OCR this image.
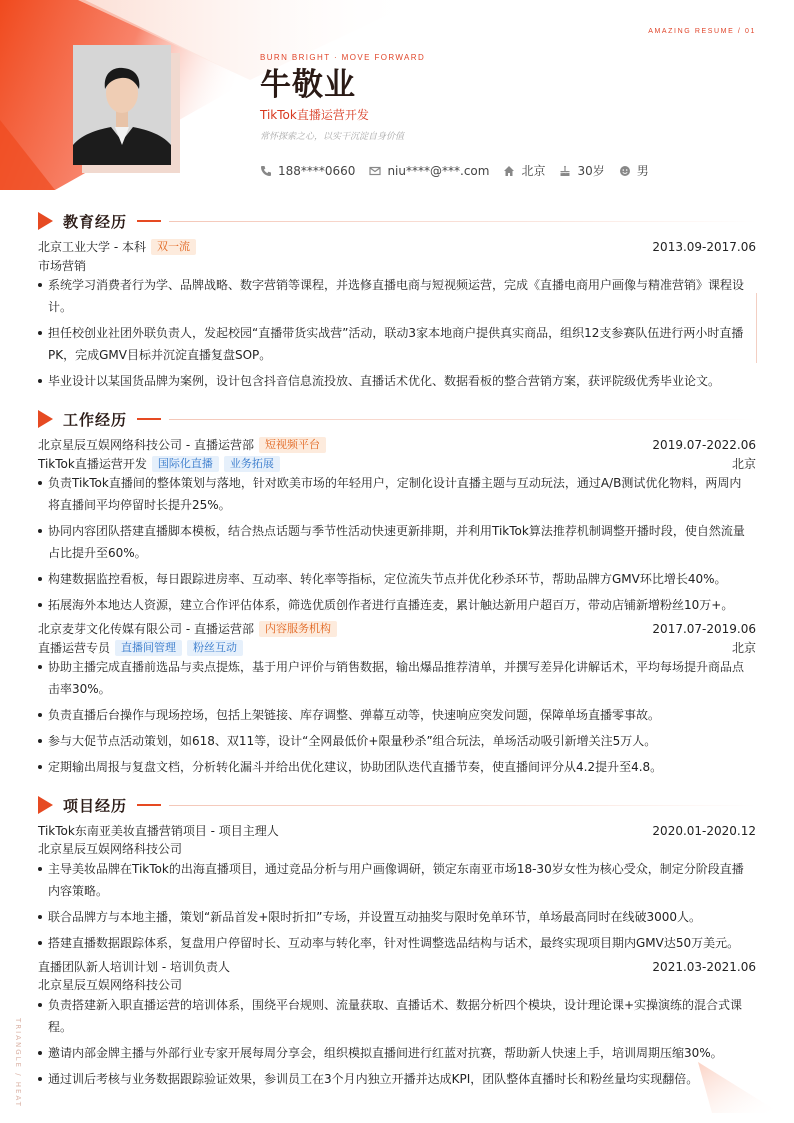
AMAZING RESUME / 01
TRIANGLE / HEAT
BURN BRIGHT · MOVE FORWARD
牛敬业
TikTok直播运营开发
常怀探索之心，以实干沉淀自身价值
188****0660	niu****@***.com	北京	30岁	男
教育经历
北京工业大学 - 本科	双一流	2013.09-2017.06
市场营销
系统学习消费者行为学、品牌战略、数字营销等课程，并选修直播电商与短视频运营，完成《直播电商用户画像与精准营销》课程设计。
担任校创业社团外联负责人，发起校园“直播带货实战营”活动，联动3家本地商户提供真实商品，组织12支参赛队伍进行两小时直播PK，完成GMV目标并沉淀直播复盘SOP。
毕业设计以某国货品牌为案例，设计包含抖音信息流投放、直播话术优化、数据看板的整合营销方案，获评院级优秀毕业论文。
工作经历
北京星辰互娱网络科技公司 - 直播运营部	短视频平台	2019.07-2022.06
TikTok直播运营开发	国际化直播	业务拓展	北京
负责TikTok直播间的整体策划与落地，针对欧美市场的年轻用户，定制化设计直播主题与互动玩法，通过A/B测试优化物料，两周内将直播间平均停留时长提升25%。
协同内容团队搭建直播脚本模板，结合热点话题与季节性活动快速更新排期，并利用TikTok算法推荐机制调整开播时段，使自然流量占比提升至60%。
构建数据监控看板，每日跟踪进房率、互动率、转化率等指标，定位流失节点并优化秒杀环节，帮助品牌方GMV环比增长40%。
拓展海外本地达人资源，建立合作评估体系，筛选优质创作者进行直播连麦，累计触达新用户超百万，带动店铺新增粉丝10万+。
北京麦芽文化传媒有限公司 - 直播运营部	内容服务机构	2017.07-2019.06
直播运营专员	直播间管理	粉丝互动	北京
协助主播完成直播前选品与卖点提炼，基于用户评价与销售数据，输出爆品推荐清单，并撰写差异化讲解话术，平均每场提升商品点击率30%。
负责直播后台操作与现场控场，包括上架链接、库存调整、弹幕互动等，快速响应突发问题，保障单场直播零事故。
参与大促节点活动策划，如618、双11等，设计“全网最低价+限量秒杀”组合玩法，单场活动吸引新增关注5万人。
定期输出周报与复盘文档，分析转化漏斗并给出优化建议，协助团队迭代直播节奏，使直播间评分从4.2提升至4.8。
项目经历
TikTok东南亚美妆直播营销项目 - 项目主理人	2020.01-2020.12
北京星辰互娱网络科技公司
主导美妆品牌在TikTok的出海直播项目，通过竞品分析与用户画像调研，锁定东南亚市场18-30岁女性为核心受众，制定分阶段直播内容策略。
联合品牌方与本地主播，策划“新品首发+限时折扣”专场，并设置互动抽奖与限时免单环节，单场最高同时在线破3000人。
搭建直播数据跟踪体系，复盘用户停留时长、互动率与转化率，针对性调整选品结构与话术，最终实现项目期内GMV达50万美元。
直播团队新人培训计划 - 培训负责人	2021.03-2021.06
北京星辰互娱网络科技公司
负责搭建新入职直播运营的培训体系，围绕平台规则、流量获取、直播话术、数据分析四个模块，设计理论课+实操演练的混合式课程。
邀请内部金牌主播与外部行业专家开展每周分享会，组织模拟直播间进行红蓝对抗赛，帮助新人快速上手，培训周期压缩30%。
通过训后考核与业务数据跟踪验证效果，参训员工在3个月内独立开播并达成KPI，团队整体直播时长和粉丝量均实现翻倍。
